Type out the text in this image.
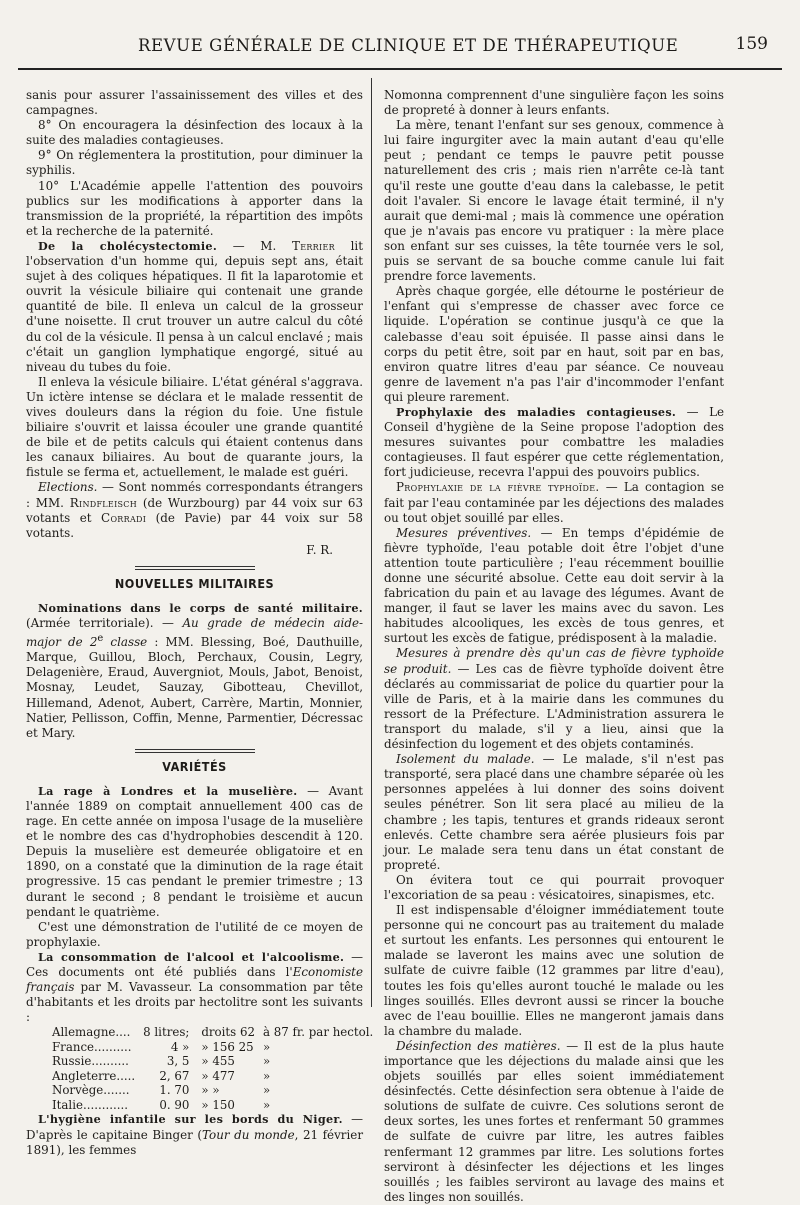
REVUE GÉNÉRALE DE CLINIQUE ET DE THÉRAPEUTIQUE	159

sanis pour assurer l'assainissement des villes et des campagnes.

8° On encouragera la désinfection des locaux à la suite des maladies contagieuses.

9° On réglementera la prostitution, pour diminuer la syphilis.

10° L'Académie appelle l'attention des pouvoirs publics sur les modifications à apporter dans la transmission de la propriété, la répartition des impôts et la recherche de la paternité.

De la cholécystectomie. — M. Terrier lit l'observation d'un homme qui, depuis sept ans, était sujet à des coliques hépatiques. Il fit la laparotomie et ouvrit la vésicule biliaire qui contenait une grande quantité de bile. Il enleva un calcul de la grosseur d'une noisette. Il crut trouver un autre calcul du côté du col de la vésicule. Il pensa à un calcul enclavé ; mais c'était un ganglion lymphatique engorgé, situé au niveau du tubes du foie.

Il enleva la vésicule biliaire. L'état général s'aggrava. Un ictère intense se déclara et le malade ressentit de vives douleurs dans la région du foie. Une fistule biliaire s'ouvrit et laissa écouler une grande quantité de bile et de petits calculs qui étaient contenus dans les canaux biliaires. Au bout de quarante jours, la fistule se ferma et, actuellement, le malade est guéri.

Elections. — Sont nommés correspondants étrangers : MM. Rindfleisch (de Wurzbourg) par 44 voix sur 63 votants et Corradi (de Pavie) par 44 voix sur 58 votants.

F. R.
NOUVELLES MILITAIRES

Nominations dans le corps de santé militaire. (Armée territoriale). — Au grade de médecin aide-major de 2e classe : MM. Blessing, Boé, Dauthuille, Marque, Guillou, Bloch, Perchaux, Cousin, Legry, Delagenière, Eraud, Auvergniot, Mouls, Jabot, Benoist, Mosnay, Leudet, Sauzay, Gibotteau, Chevillot, Hillemand, Adenot, Aubert, Carrère, Martin, Monnier, Natier, Pellisson, Coffin, Menne, Parmentier, Décressac et Mary.

VARIÉTÉS

La rage à Londres et la muselière. — Avant l'année 1889 on comptait annuellement 400 cas de rage. En cette année on imposa l'usage de la muselière et le nombre des cas d'hydrophobies descendit à 120. Depuis la muselière est demeurée obligatoire et en 1890, on a constaté que la diminution de la rage était progressive. 15 cas pendant le premier trimestre ; 13 durant le second ; 8 pendant le troisième et aucun pendant le quatrième.

C'est une démonstration de l'utilité de ce moyen de prophylaxie.

La consommation de l'alcool et l'alcoolisme. — Ces documents ont été publiés dans l'Economiste français par M. Vavasseur. La consommation par tête d'habitants et les droits par hectolitre sont les suivants :

Allemagne....	8 litres;	droits 62	à 87 fr. par hectol.
France..........	4 »	» 156 25	»
Russie..........	3, 5	» 455	»
Angleterre.....	2, 67	» 477	»
Norvège.......	1. 70	» »	»
Italie............	0. 90	» 150	»

L'hygiène infantile sur les bords du Niger. — D'après le capitaine Binger (Tour du monde, 21 février 1891), les femmes

Nomonna comprennent d'une singulière façon les soins de propreté à donner à leurs enfants.

La mère, tenant l'enfant sur ses genoux, commence à lui faire ingurgiter avec la main autant d'eau qu'elle peut ; pendant ce temps le pauvre petit pousse naturellement des cris ; mais rien n'arrête ce-là tant qu'il reste une goutte d'eau dans la calebasse, le petit doit l'avaler. Si encore le lavage était terminé, il n'y aurait que demi-mal ; mais là commence une opération que je n'avais pas encore vu pratiquer : la mère place son enfant sur ses cuisses, la tête tournée vers le sol, puis se servant de sa bouche comme canule lui fait prendre force lavements.

Après chaque gorgée, elle détourne le postérieur de l'enfant qui s'empresse de chasser avec force ce liquide. L'opération se continue jusqu'à ce que la calebasse d'eau soit épuisée. Il passe ainsi dans le corps du petit être, soit par en haut, soit par en bas, environ quatre litres d'eau par séance. Ce nouveau genre de lavement n'a pas l'air d'incommoder l'enfant qui pleure rarement.

Prophylaxie des maladies contagieuses. — Le Conseil d'hygiène de la Seine propose l'adoption des mesures suivantes pour combattre les maladies contagieuses. Il faut espérer que cette réglementation, fort judicieuse, recevra l'appui des pouvoirs publics.

Prophylaxie de la fièvre typhoïde. — La contagion se fait par l'eau contaminée par les déjections des malades ou tout objet souillé par elles.

Mesures préventives. — En temps d'épidémie de fièvre typhoïde, l'eau potable doit être l'objet d'une attention toute particulière ; l'eau récemment bouillie donne une sécurité absolue. Cette eau doit servir à la fabrication du pain et au lavage des légumes. Avant de manger, il faut se laver les mains avec du savon. Les habitudes alcooliques, les excès de tous genres, et surtout les excès de fatigue, prédisposent à la maladie.

Mesures à prendre dès qu'un cas de fièvre typhoïde se produit. — Les cas de fièvre typhoïde doivent être déclarés au commissariat de police du quartier pour la ville de Paris, et à la mairie dans les communes du ressort de la Préfecture. L'Administration assurera le transport du malade, s'il y a lieu, ainsi que la désinfection du logement et des objets contaminés.

Isolement du malade. — Le malade, s'il n'est pas transporté, sera placé dans une chambre séparée où les personnes appelées à lui donner des soins doivent seules pénétrer. Son lit sera placé au milieu de la chambre ; les tapis, tentures et grands rideaux seront enlevés. Cette chambre sera aérée plusieurs fois par jour. Le malade sera tenu dans un état constant de propreté.

On évitera tout ce qui pourrait provoquer l'excoriation de sa peau : vésicatoires, sinapismes, etc.

Il est indispensable d'éloigner immédiatement toute personne qui ne concourt pas au traitement du malade et surtout les enfants. Les personnes qui entourent le malade se laveront les mains avec une solution de sulfate de cuivre faible (12 grammes par litre d'eau), toutes les fois qu'elles auront touché le malade ou les linges souillés. Elles devront aussi se rincer la bouche avec de l'eau bouillie. Elles ne mangeront jamais dans la chambre du malade.

Désinfection des matières. — Il est de la plus haute importance que les déjections du malade ainsi que les objets souillés par elles soient immédiatement désinfectés. Cette désinfection sera obtenue à l'aide de solutions de sulfate de cuivre. Ces solutions seront de deux sortes, les unes fortes et renfermant 50 grammes de sulfate de cuivre par litre, les autres faibles renfermant 12 grammes par litre. Les solutions fortes serviront à désinfecter les déjections et les linges souillés ; les faibles serviront au lavage des mains et des linges non souillés.
